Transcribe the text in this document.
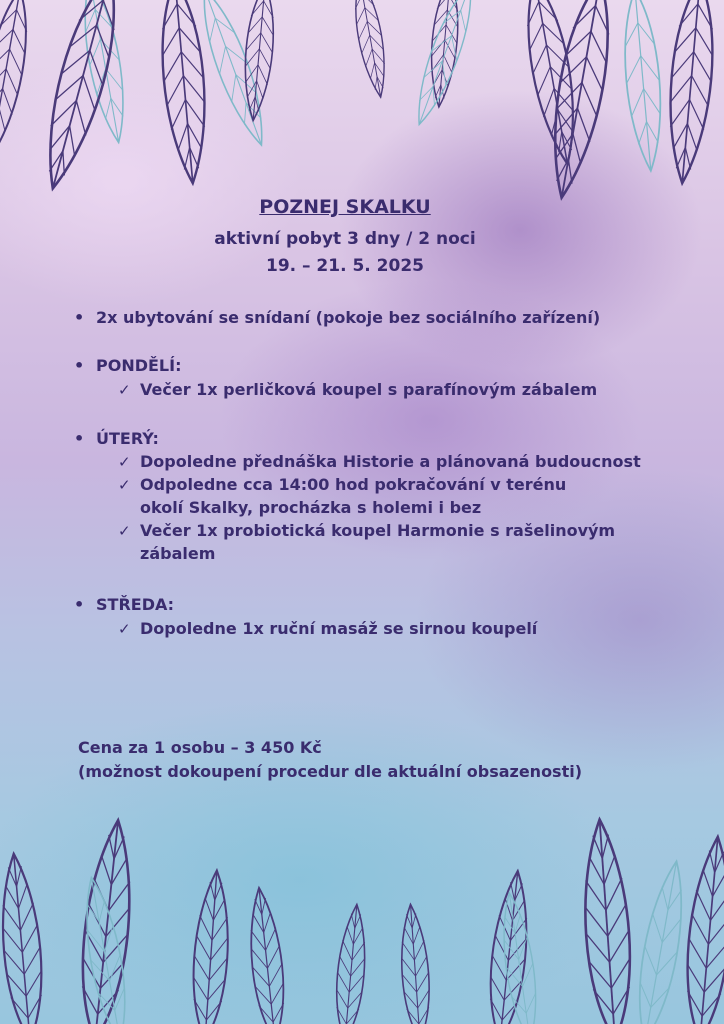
POZNEJ SKALKU

aktivní pobyt 3 dny / 2 noci

19. – 21. 5. 2025

• 2x ubytování se snídaní (pokoje bez sociálního zařízení)
• PONDĚLÍ:
✓ Večer 1x perličková koupel s parafínovým zábalem
• ÚTERÝ:
✓ Dopoledne přednáška Historie a plánovaná budoucnost
✓ Odpoledne cca 14:00 hod pokračování v terénu
okolí Skalky, procházka s holemi i bez
✓ Večer 1x probiotická koupel Harmonie s rašelinovým
zábalem
• STŘEDA:
✓ Dopoledne 1x ruční masáž se sirnou koupelí
Cena za 1 osobu – 3 450 Kč
(možnost dokoupení procedur dle aktuální obsazenosti)
